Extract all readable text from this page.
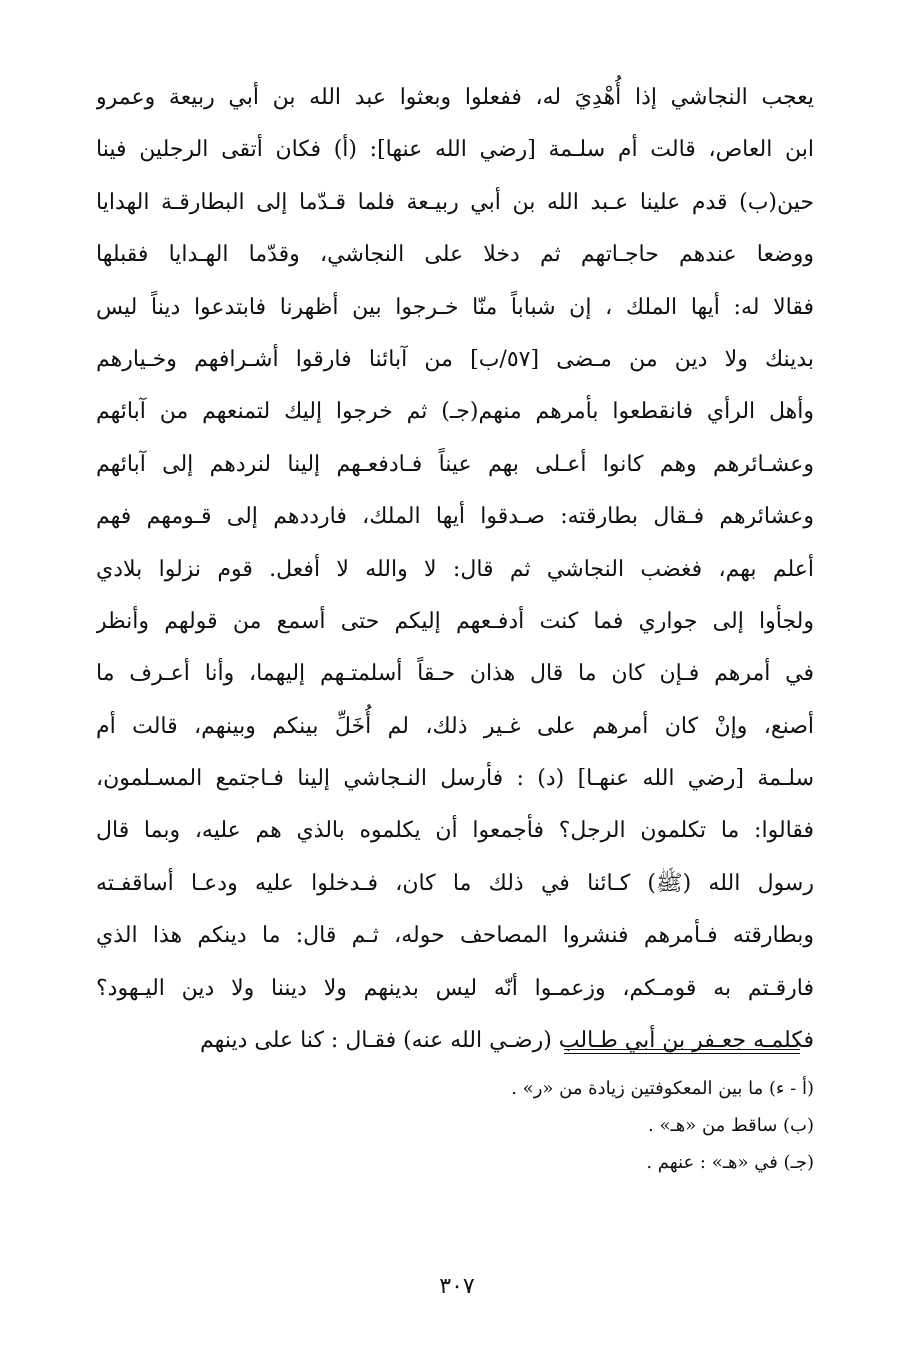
يعجب النجاشي إذا أُهْدِيَ له، ففعلوا وبعثوا عبد الله بن أبي ربيعة وعمرو
ابن العاص، قالت أم سلـمة [رضي الله عنها]: (أ) فكان أتقى الرجلين فينا
حين(ب) قدم علينا عـبد الله بن أبي ربيـعة فلما قـدّما إلى البطارقـة الهدايا
ووضعا عندهم حاجـاتهم ثم دخلا على النجاشي، وقدّما الهـدايا فقبلها
فقالا له: أيها الملك ، إن شباباً منّا خـرجوا بين أظهرنا فابتدعوا ديناً ليس
بدينك ولا دين من مـضى [٥٧/ب] من آبائنا فارقوا أشـرافهم وخـيارهم
وأهل الرأي فانقطعوا بأمرهم منهم(جـ) ثم خرجوا إليك لتمنعهم من آبائهم
وعشـائرهم وهم كانوا أعـلى بهم عيناً فـادفعـهم إلينا لنردهم إلى آبائهم
وعشائرهم فـقال بطارقته: صـدقوا أيها الملك، فارددهم إلى قـومهم فهم
أعلم بهم، فغضب النجاشي ثم قال: لا والله لا أفعل. قوم نزلوا بلادي
ولجأوا إلى جواري فما كنت أدفـعهم إليكم حتى أسمع من قولهم وأنظر
في أمرهم فـإن كان ما قال هذان حـقاً أسلمتـهم إليهما، وأنا أعـرف ما
أصنع، وإنْ كان أمرهم على غـير ذلك، لم أُخَلِّ بينكم وبينهم، قالت أم
سلـمة [رضي الله عنهـا] (د) : فأرسل النـجاشي إلينا فـاجتمع المسـلمون،
فقالوا: ما تكلمون الرجل؟ فأجمعوا أن يكلموه بالذي هم عليه، وبما قال
رسول الله (ﷺ) كـائنا في ذلك ما كان، فـدخلوا عليه ودعـا أساقفـته
وبطارقته فـأمرهم فنشروا المصاحف حوله، ثـم قال: ما دينكم هذا الذي
فارقـتم به قومـكم، وزعمـوا أنّه ليس بدينهم ولا ديننا ولا دين اليـهود؟
فكلمـه جعـفر بن أبي طـالب (رضـي الله عنه) فقـال : كنا على دينهم
(أ - ء) ما بين المعكوفتين زيادة من «ر» .
(ب) ساقط من «هـ» .
(جـ) في «هـ» : عنهم .
٣٠٧
